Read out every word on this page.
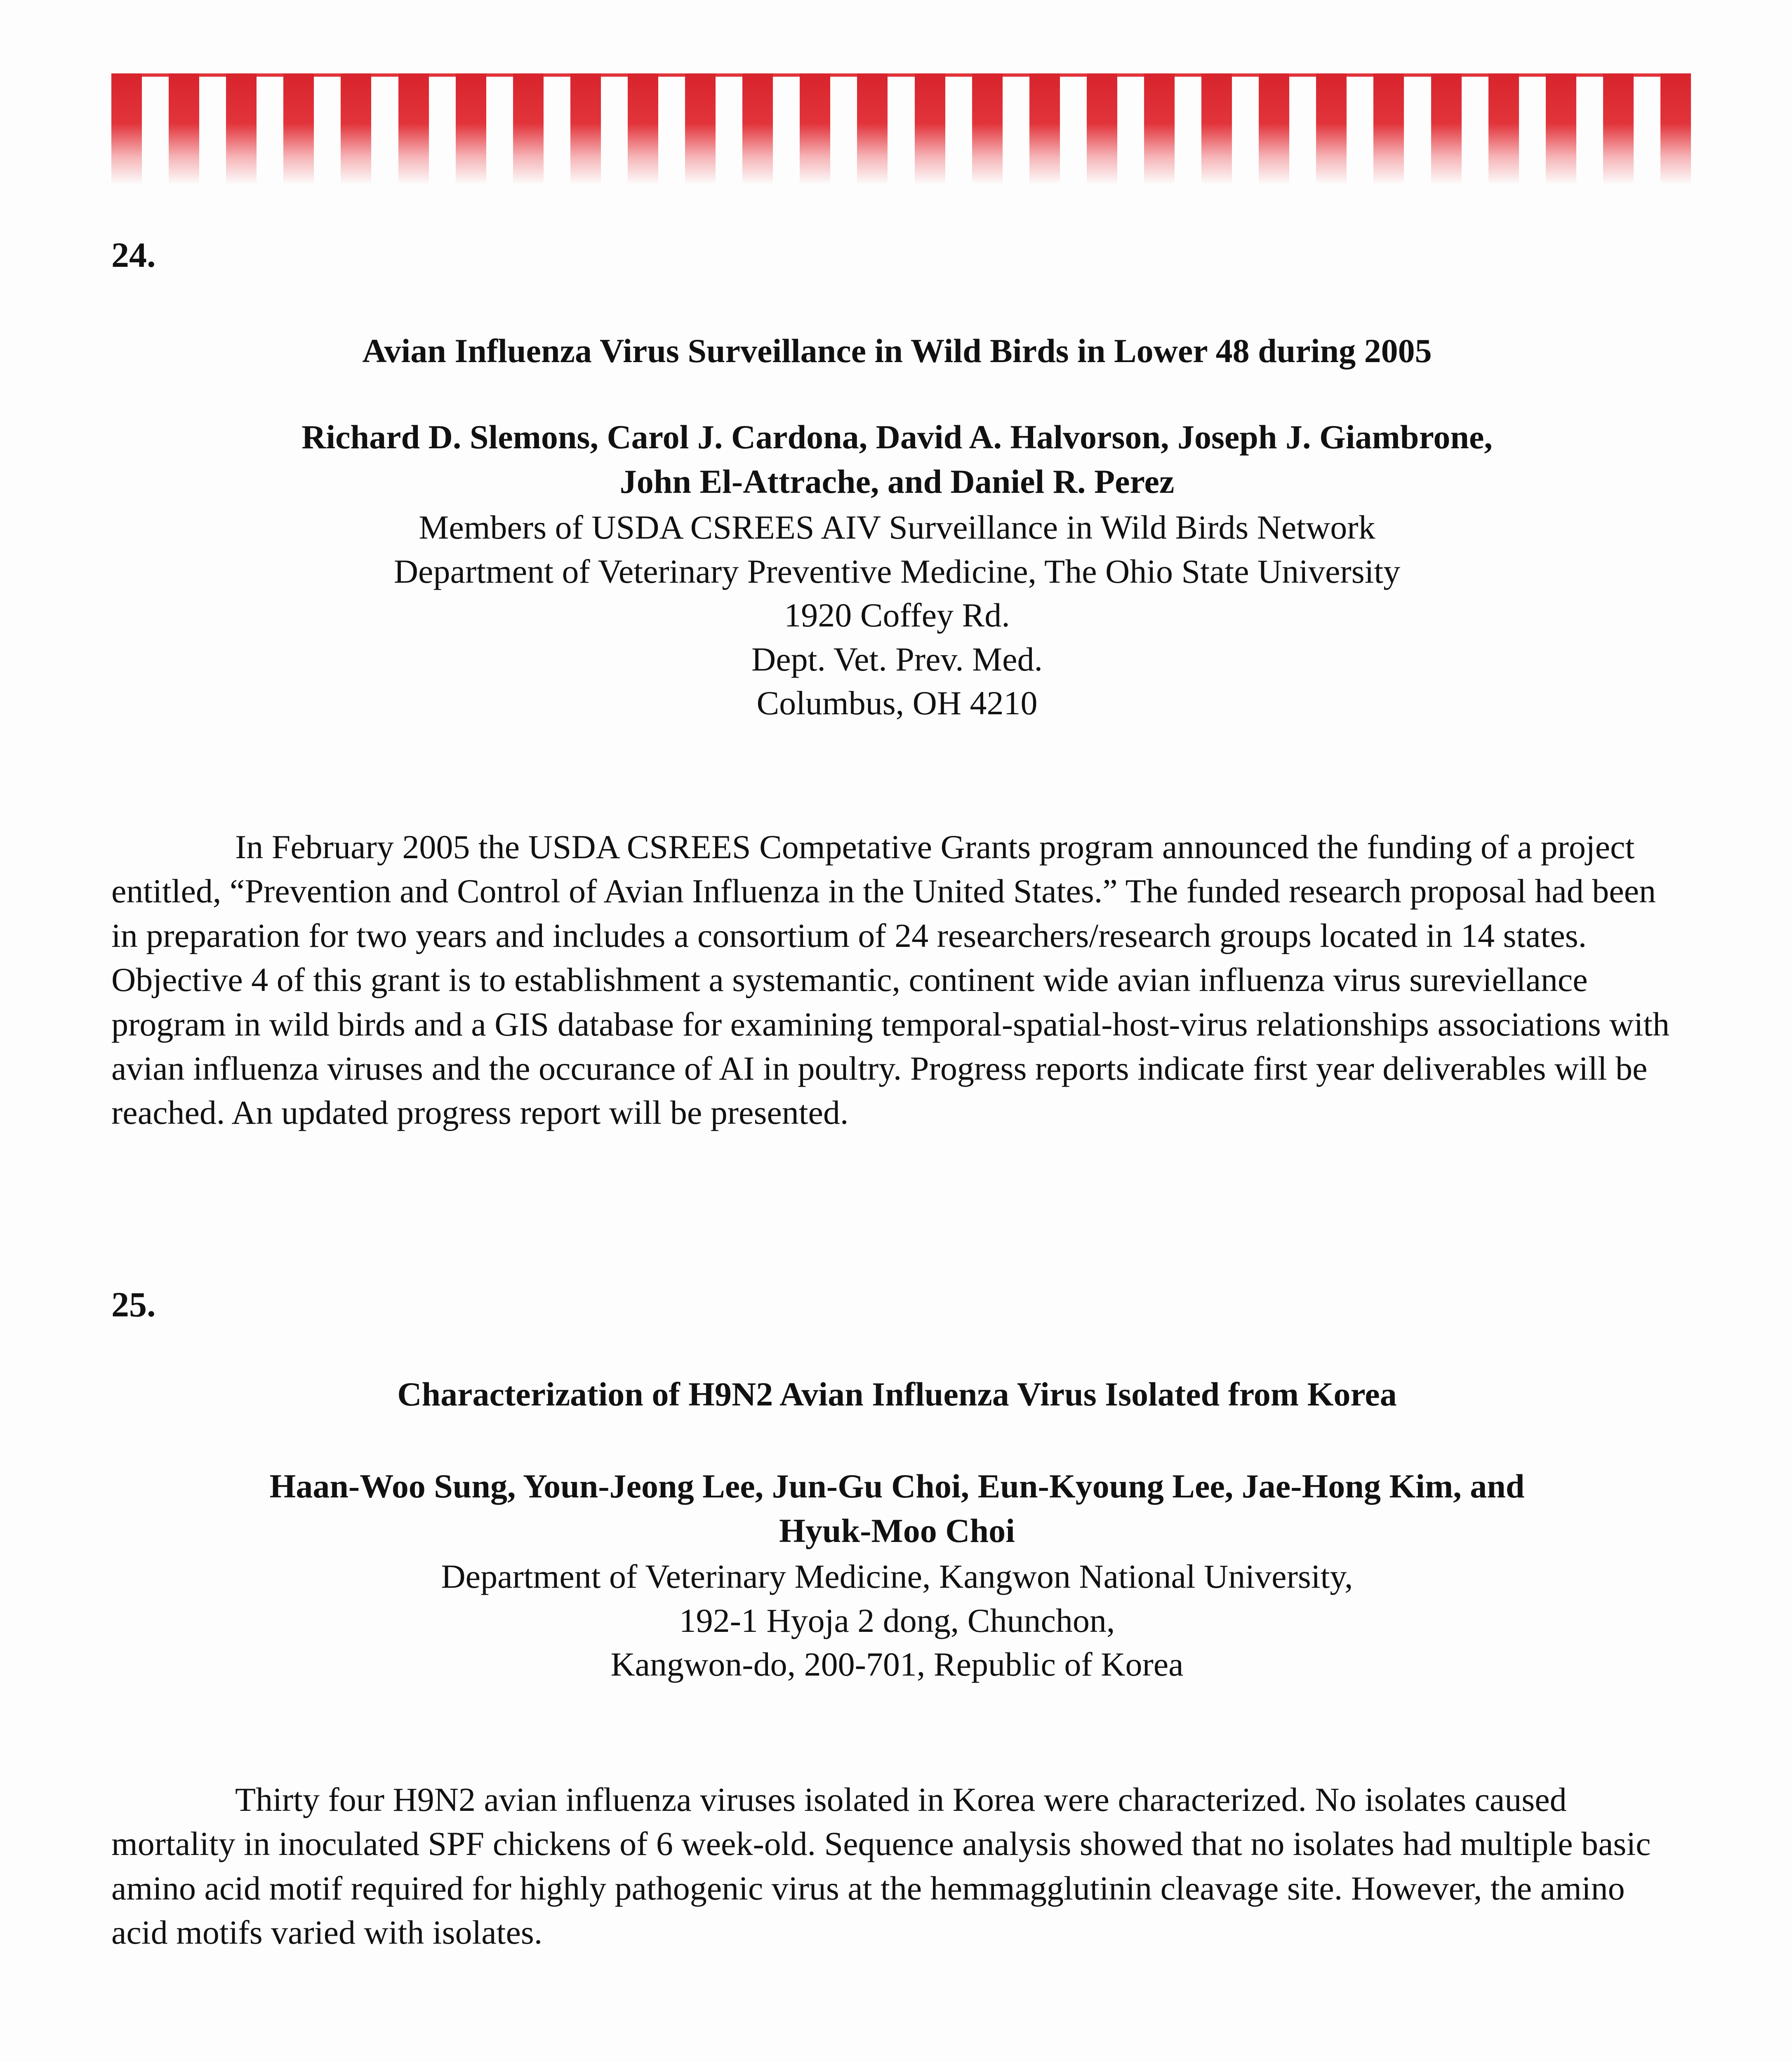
24.

Avian Influenza Virus Surveillance in Wild Birds in Lower 48 during 2005

Richard D. Slemons, Carol J. Cardona, David A. Halvorson, Joseph J. Giambrone,

John El-Attrache, and Daniel R. Perez

Members of USDA CSREES AIV Surveillance in Wild Birds Network

Department of Veterinary Preventive Medicine, The Ohio State University

1920 Coffey Rd.

Dept. Vet. Prev. Med.

Columbus, OH 4210

In February 2005 the USDA CSREES Competative Grants program announced the funding of a project entitled, “Prevention and Control of Avian Influenza in the United States.” The funded research proposal had been in preparation for two years and includes a consortium of 24 researchers/research groups located in 14 states. Objective 4 of this grant is to establishment a systemantic, continent wide avian influenza virus sureviellance program in wild birds and a GIS database for examining temporal-spatial-host-virus relationships associations with avian influenza viruses and the occurance of AI in poultry. Progress reports indicate first year deliverables will be reached. An updated progress report will be presented.

25.

Characterization of H9N2 Avian Influenza Virus Isolated from Korea

Haan-Woo Sung, Youn-Jeong Lee, Jun-Gu Choi, Eun-Kyoung Lee, Jae-Hong Kim, and

Hyuk-Moo Choi

Department of Veterinary Medicine, Kangwon National University,

192-1 Hyoja 2 dong, Chunchon,

Kangwon-do, 200-701, Republic of Korea

Thirty four H9N2 avian influenza viruses isolated in Korea were characterized. No isolates caused mortality in inoculated SPF chickens of 6 week-old. Sequence analysis showed that no isolates had multiple basic amino acid motif required for highly pathogenic virus at the hemmagglutinin cleavage site. However, the amino acid motifs varied with isolates.
